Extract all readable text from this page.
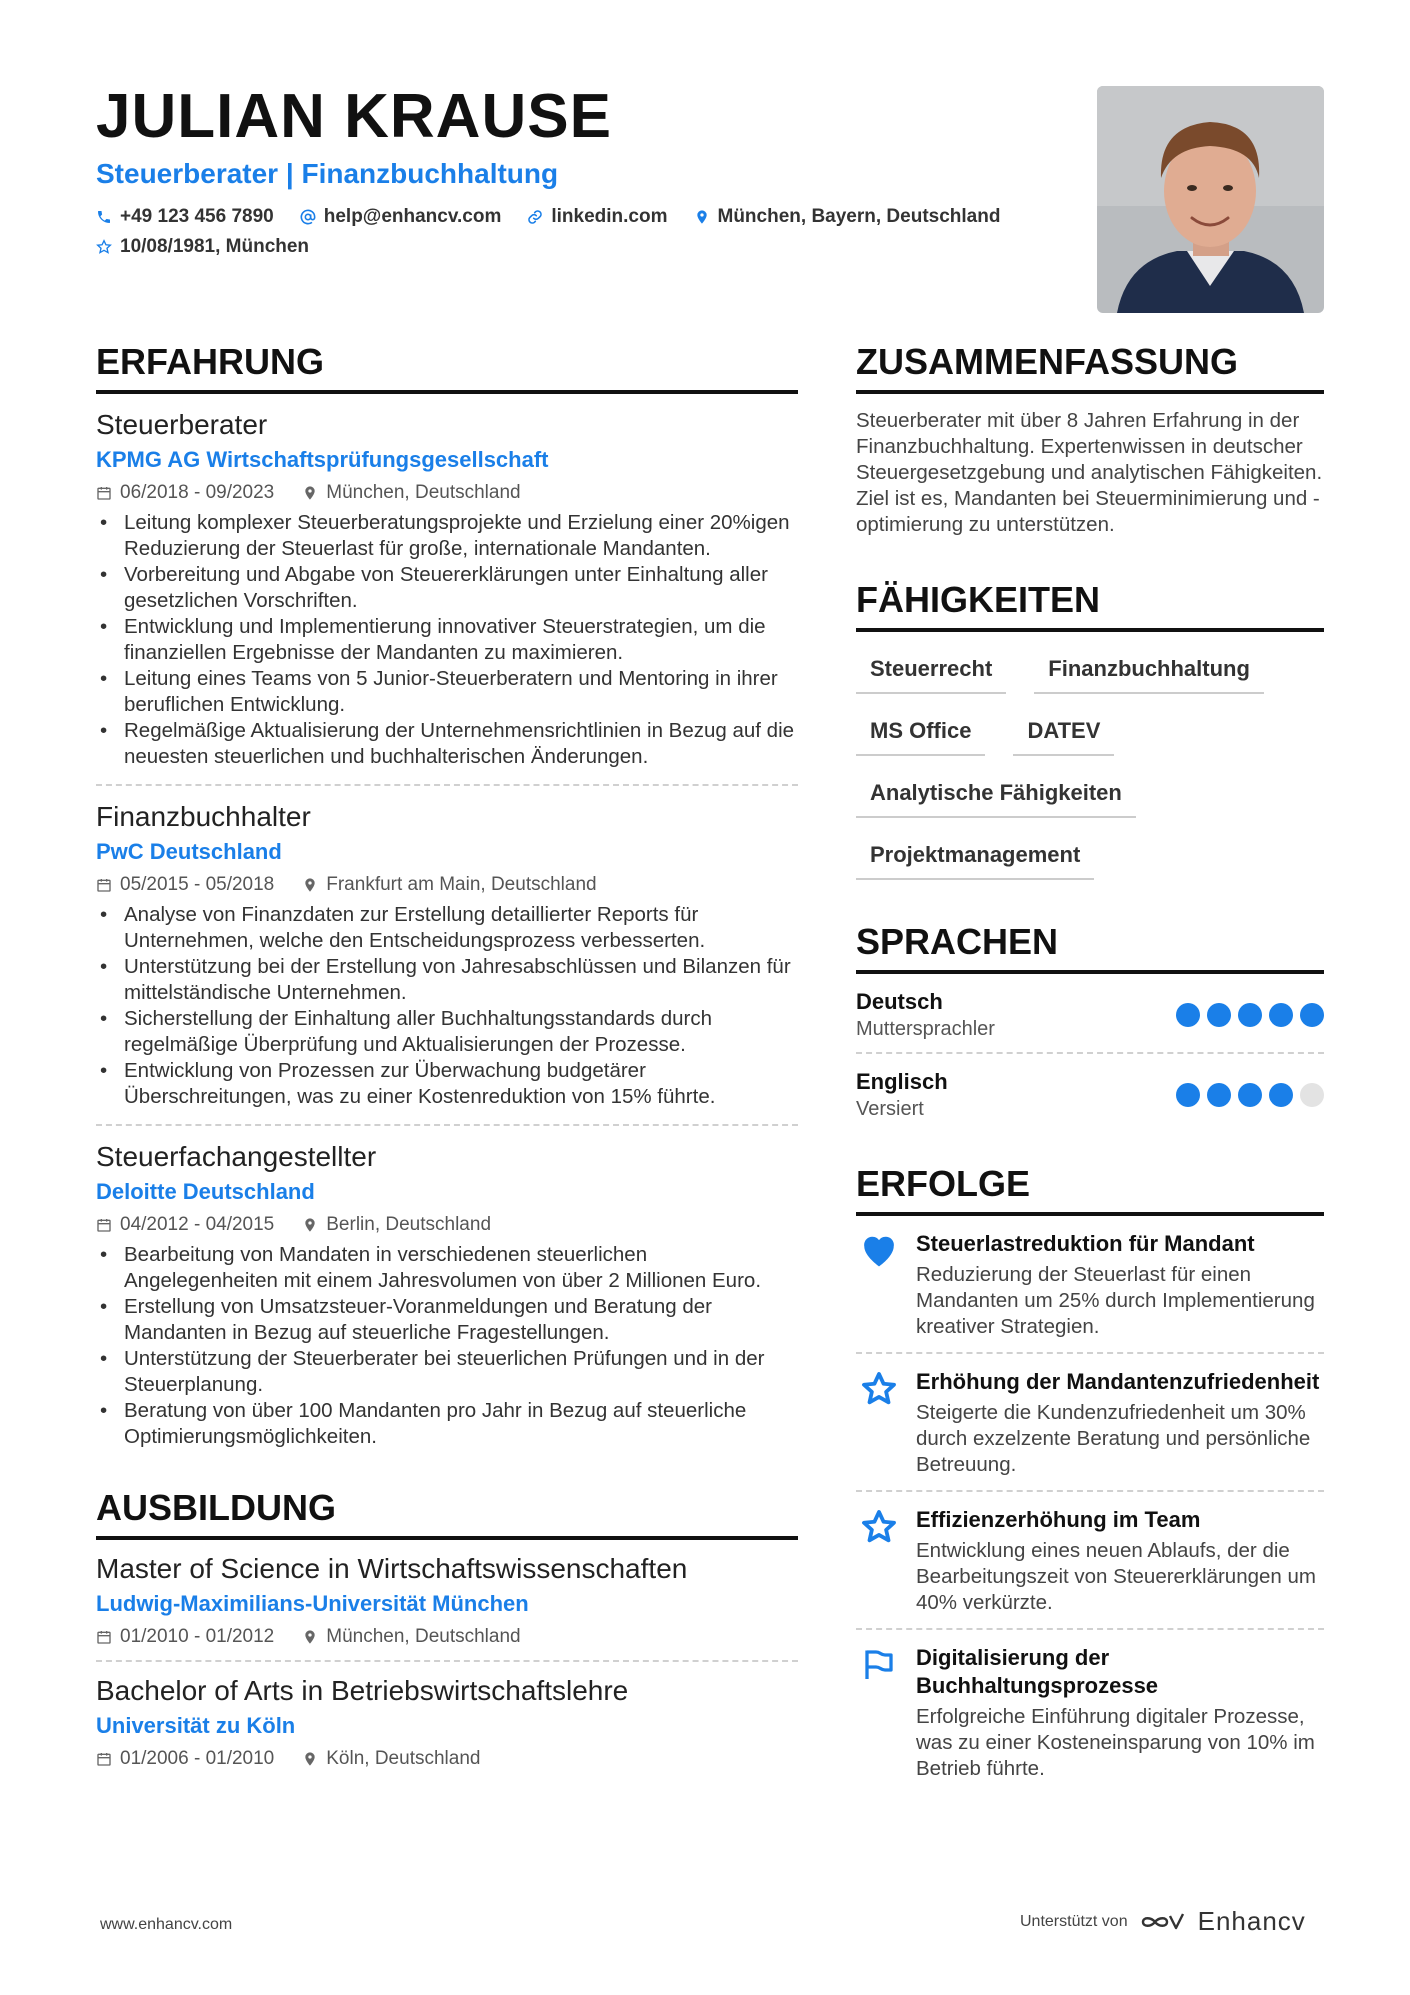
JULIAN KRAUSE
Steuerberater | Finanzbuchhaltung
+49 123 456 7890	help@enhancv.com	linkedin.com	München, Bayern, Deutschland
10/08/1981, München
ERFAHRUNG
Steuerberater
KPMG AG Wirtschaftsprüfungsgesellschaft
06/2018 - 09/2023	München, Deutschland
• Leitung komplexer Steuerberatungsprojekte und Erzielung einer 20%igen Reduzierung der Steuerlast für große, internationale Mandanten.
• Vorbereitung und Abgabe von Steuererklärungen unter Einhaltung aller gesetzlichen Vorschriften.
• Entwicklung und Implementierung innovativer Steuerstrategien, um die finanziellen Ergebnisse der Mandanten zu maximieren.
• Leitung eines Teams von 5 Junior-Steuerberatern und Mentoring in ihrer beruflichen Entwicklung.
• Regelmäßige Aktualisierung der Unternehmensrichtlinien in Bezug auf die neuesten steuerlichen und buchhalterischen Änderungen.
Finanzbuchhalter
PwC Deutschland
05/2015 - 05/2018	Frankfurt am Main, Deutschland
• Analyse von Finanzdaten zur Erstellung detaillierter Reports für Unternehmen, welche den Entscheidungsprozess verbesserten.
• Unterstützung bei der Erstellung von Jahresabschlüssen und Bilanzen für mittelständische Unternehmen.
• Sicherstellung der Einhaltung aller Buchhaltungsstandards durch regelmäßige Überprüfung und Aktualisierungen der Prozesse.
• Entwicklung von Prozessen zur Überwachung budgetärer Überschreitungen, was zu einer Kostenreduktion von 15% führte.
Steuerfachangestellter
Deloitte Deutschland
04/2012 - 04/2015	Berlin, Deutschland
• Bearbeitung von Mandaten in verschiedenen steuerlichen Angelegenheiten mit einem Jahresvolumen von über 2 Millionen Euro.
• Erstellung von Umsatzsteuer-Voranmeldungen und Beratung der Mandanten in Bezug auf steuerliche Fragestellungen.
• Unterstützung der Steuerberater bei steuerlichen Prüfungen und in der Steuerplanung.
• Beratung von über 100 Mandanten pro Jahr in Bezug auf steuerliche Optimierungsmöglichkeiten.
AUSBILDUNG
Master of Science in Wirtschaftswissenschaften
Ludwig-Maximilians-Universität München
01/2010 - 01/2012	München, Deutschland
Bachelor of Arts in Betriebswirtschaftslehre
Universität zu Köln
01/2006 - 01/2010	Köln, Deutschland
ZUSAMMENFASSUNG
Steuerberater mit über 8 Jahren Erfahrung in der Finanzbuchhaltung. Expertenwissen in deutscher Steuergesetzgebung und analytischen Fähigkeiten. Ziel ist es, Mandanten bei Steuerminimierung und -optimierung zu unterstützen.
FÄHIGKEITEN
Steuerrecht	Finanzbuchhaltung
MS Office	DATEV
Analytische Fähigkeiten
Projektmanagement
SPRACHEN
Deutsch
Muttersprachler
Englisch
Versiert
ERFOLGE
Steuerlastreduktion für Mandant
Reduzierung der Steuerlast für einen Mandanten um 25% durch Implementierung kreativer Strategien.
Erhöhung der Mandantenzufriedenheit
Steigerte die Kundenzufriedenheit um 30% durch exzelzente Beratung und persönliche Betreuung.
Effizienzerhöhung im Team
Entwicklung eines neuen Ablaufs, der die Bearbeitungszeit von Steuererklärungen um 40% verkürzte.
Digitalisierung der Buchhaltungsprozesse
Erfolgreiche Einführung digitaler Prozesse, was zu einer Kosteneinsparung von 10% im Betrieb führte.
www.enhancv.com	Unterstützt von	Enhancv
